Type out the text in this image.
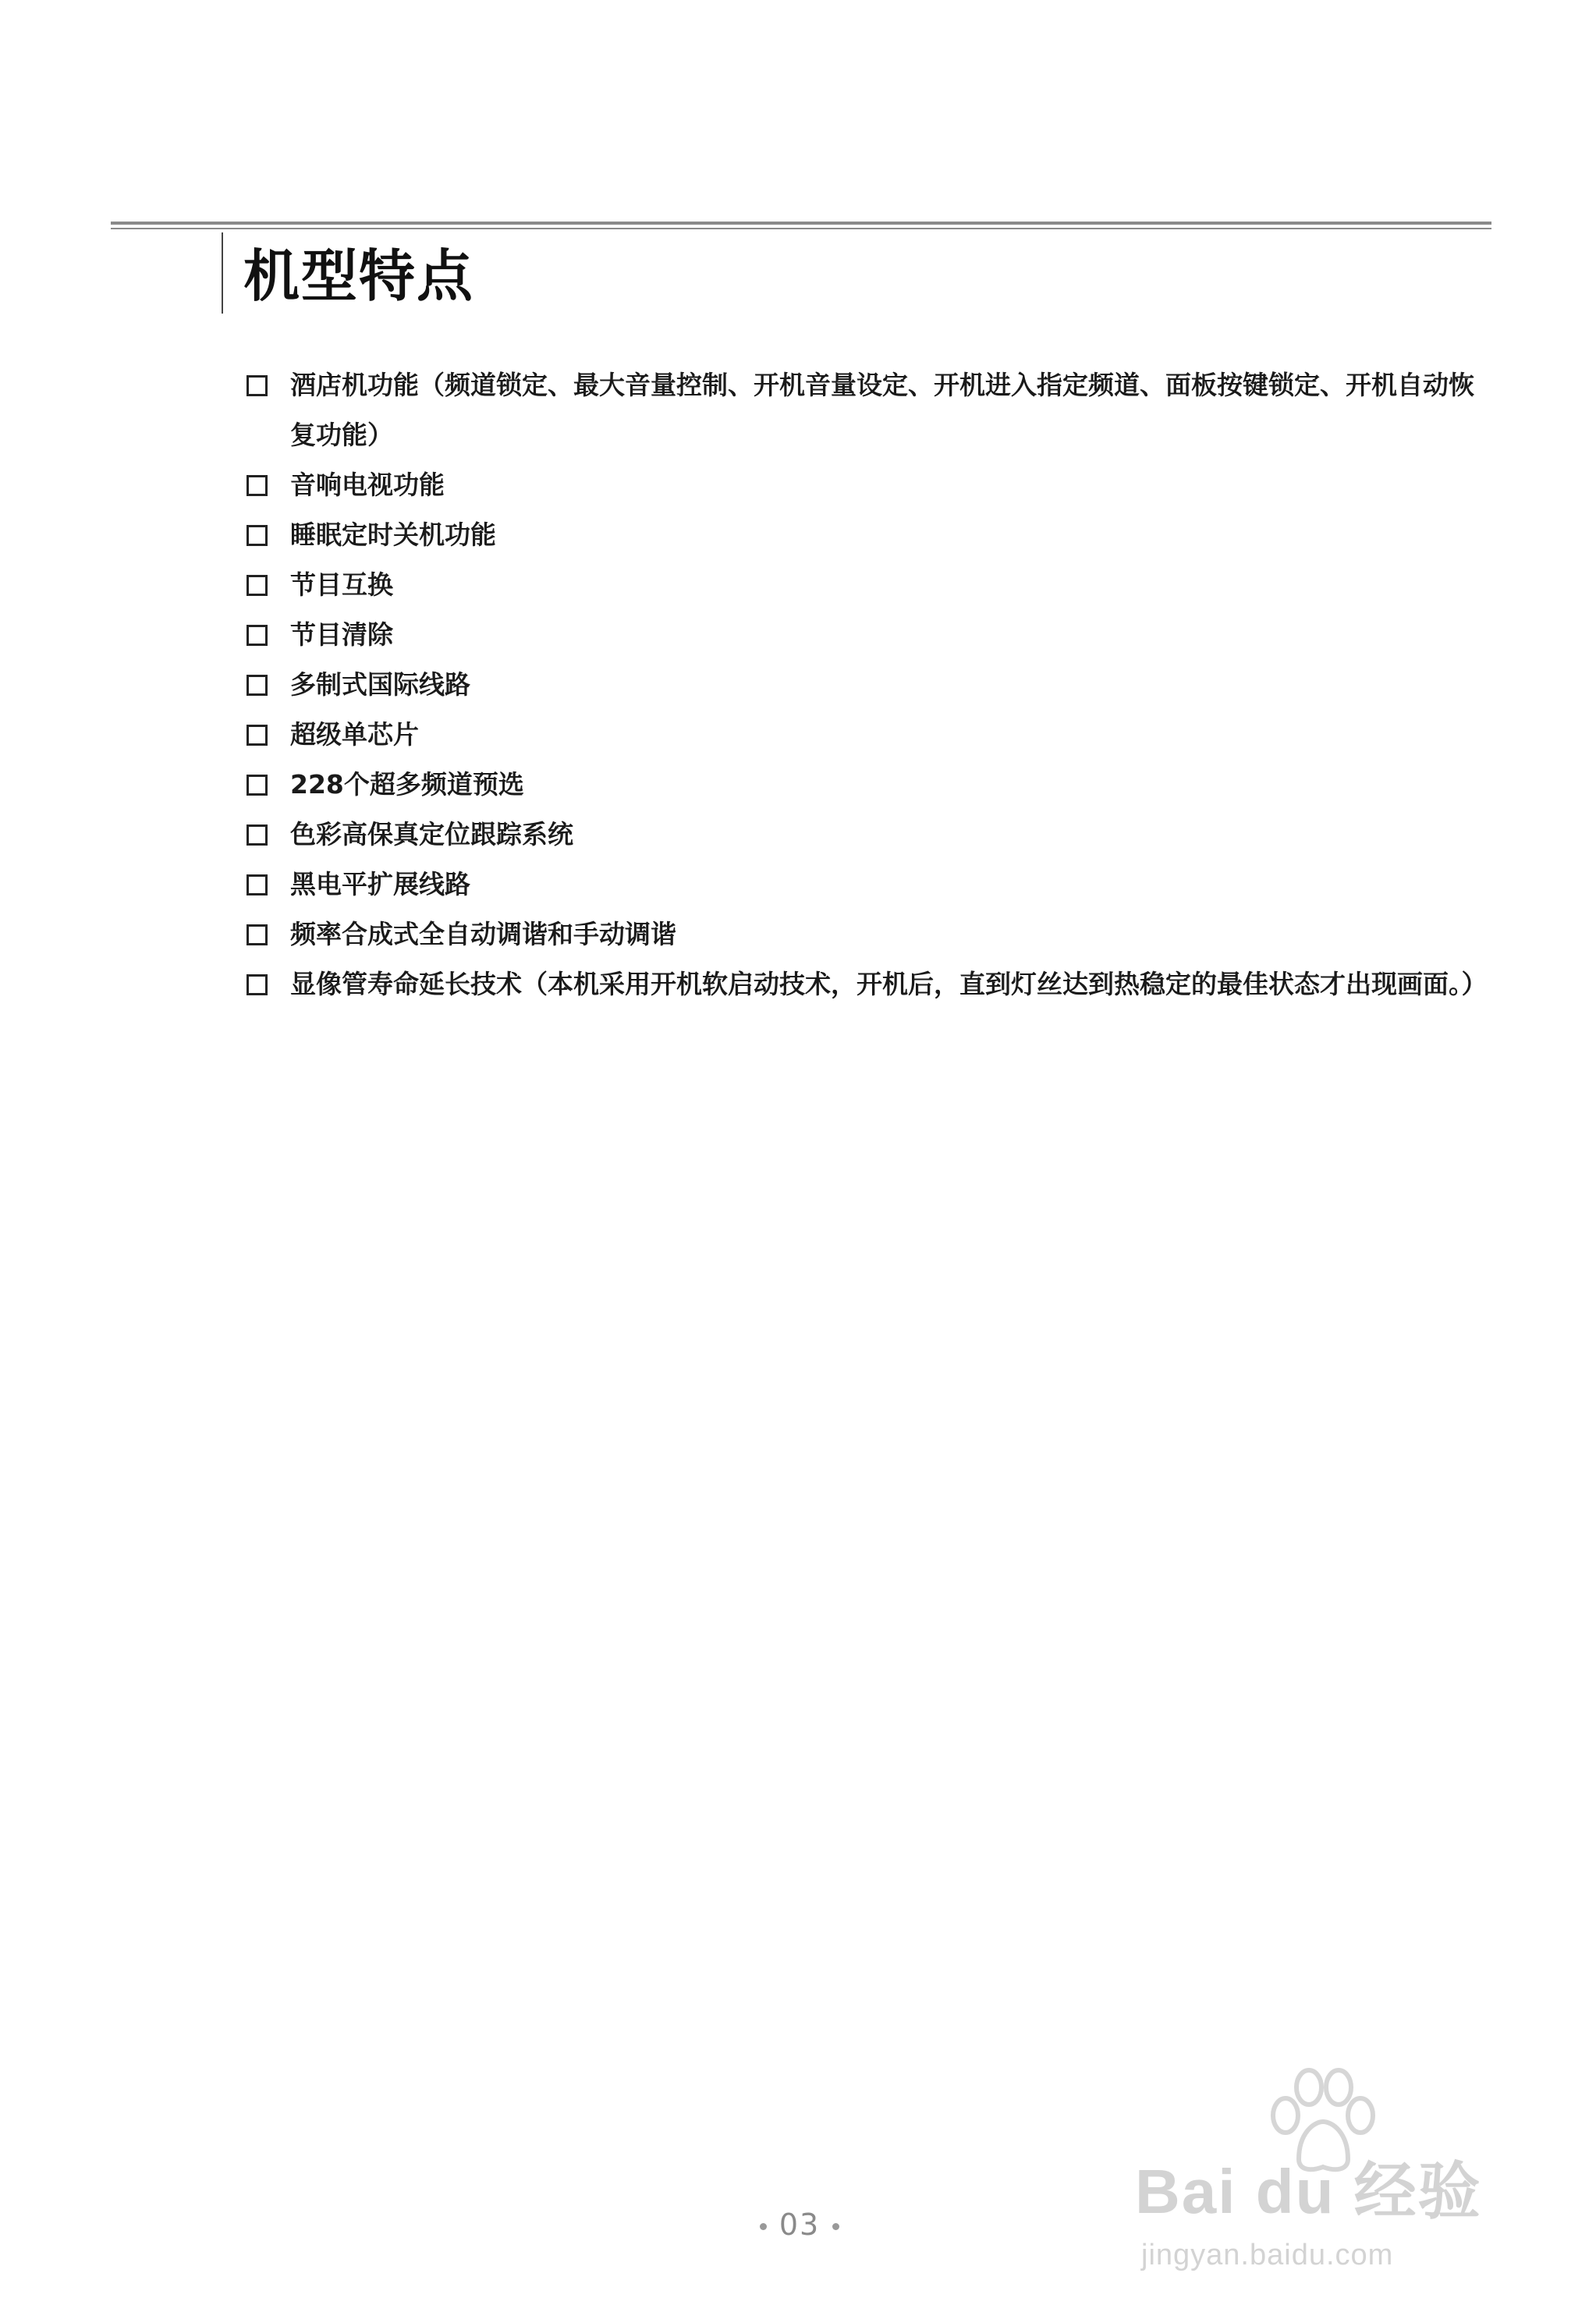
机型特点
酒店机功能（频道锁定、最大音量控制、开机音量设定、开机进入指定频道、面板按键锁定、开机自动恢复功能）
音响电视功能
睡眠定时关机功能
节目互换
节目清除
多制式国际线路
超级单芯片
228个超多频道预选
色彩高保真定位跟踪系统
黑电平扩展线路
频率合成式全自动调谐和手动调谐
显像管寿命延长技术（本机采用开机软启动技术，开机后，直到灯丝达到热稳定的最佳状态才出现画面。）
Bai du 经验
jingyan.baidu.com
03
